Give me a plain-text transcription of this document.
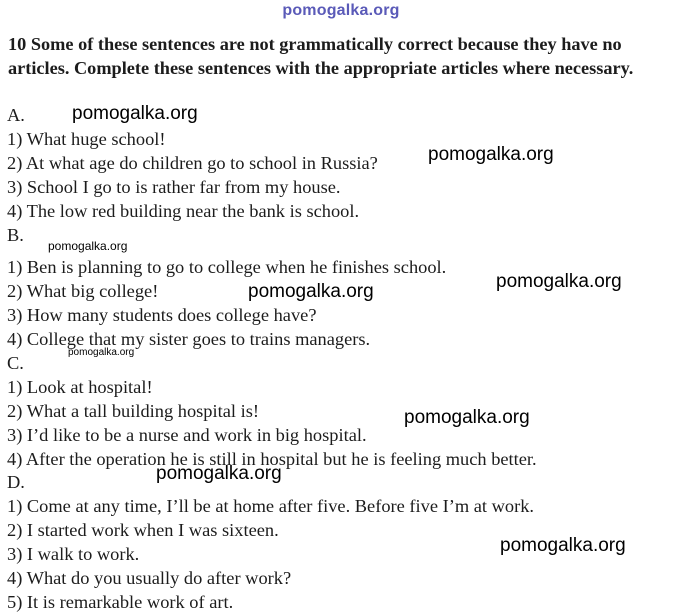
pomogalka.org
10 Some of these sentences are not grammatically correct because they have no articles. Complete these sentences with the appropriate articles where necessary.
A.
1) What huge school!
2) At what age do children go to school in Russia?
3) School I go to is rather far from my house.
4) The low red building near the bank is school.
B.
1) Ben is planning to go to college when he finishes school.
2) What big college!
3) How many students does college have?
4) College that my sister goes to trains managers.
C.
1) Look at hospital!
2) What a tall building hospital is!
3) I’d like to be a nurse and work in big hospital.
4) After the operation he is still in hospital but he is feeling much better.
D.
1) Come at any time, I’ll be at home after five. Before five I’m at work.
2) I started work when I was sixteen.
3) I walk to work.
4) What do you usually do after work?
5) It is remarkable work of art.
pomogalka.org
pomogalka.org
pomogalka.org
pomogalka.org	pomogalka.org
pomogalka.org
pomogalka.org
pomogalka.org
pomogalka.org
